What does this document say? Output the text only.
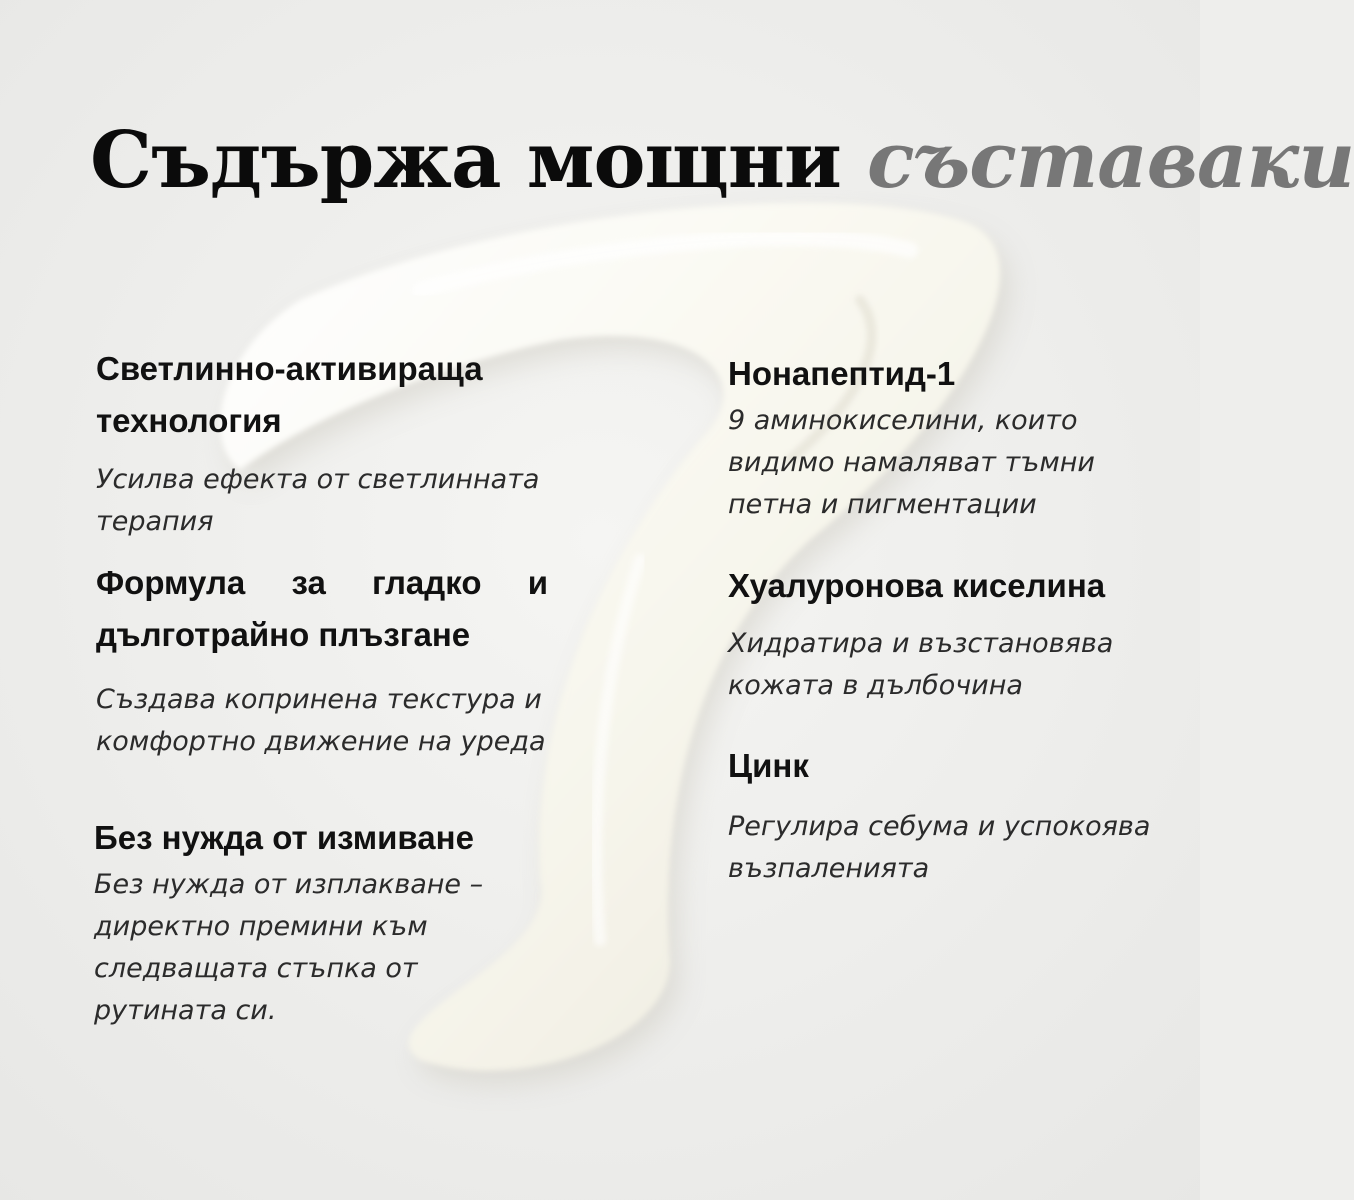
Съдържа мощни съставаки
Светлинно-активираща технология

Усилва ефекта от светлинната терапия

Формула за гладко и дълготрайно плъзгане

Създава копринена текстура и комфортно движение на уреда

Без нужда от измиване

Без нужда от изплакване – директно премини към следващата стъпка от рутината си.

Нонапептид-1

9 аминокиселини, които видимо намаляват тъмни петна и пигментации

Хуалуронова киселина

Хидратира и възстановява кожата в дълбочина

Цинк

Регулира себума и успокоява възпаленията
